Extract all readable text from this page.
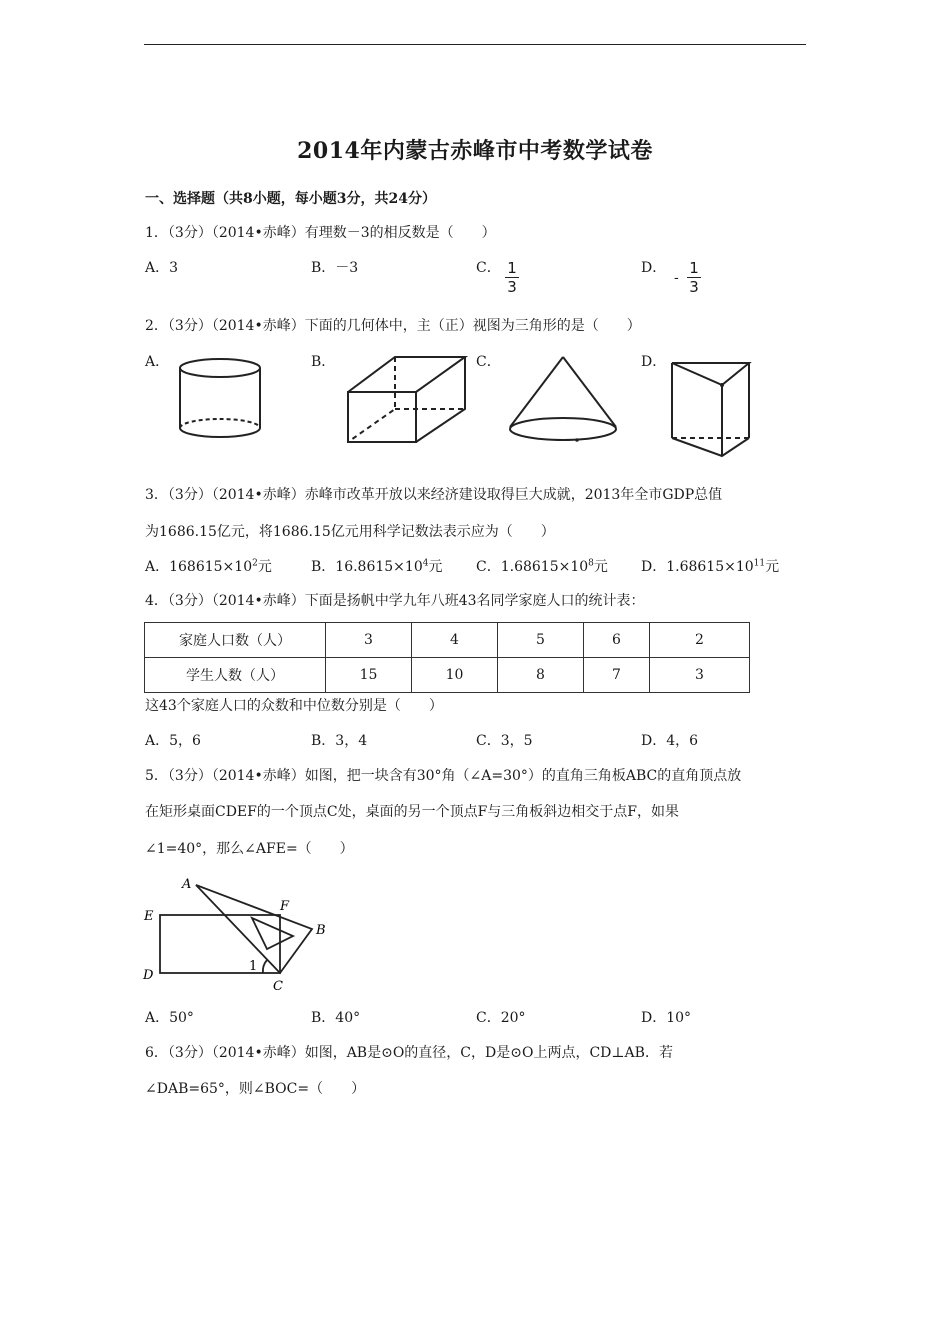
2014年内蒙古赤峰市中考数学试卷
一、选择题（共8小题，每小题3分，共24分）
1．（3分）（2014•赤峰）有理数－3的相反数是（　　）
A．3	B．－3	C． $\frac{1}{3}$	D．
- $\frac{1}{3}$
2．（3分）（2014•赤峰）下面的几何体中，主（正）视图为三角形的是（　　）
A．	B．	C．	D．
3．（3分）（2014•赤峰）赤峰市改革开放以来经济建设取得巨大成就，2013年全市GDP总值
为1686.15亿元，将1686.15亿元用科学记数法表示应为（　　）
A．$168615\times 10^2$元	B．$16.8615\times 10^4$元 C．$1.68615\times 10^8$元 D．$1.68615\times 10^{11}$元
4．（3分）（2014•赤峰）下面是扬帆中学九年八班43名同学家庭人口的统计表：
家庭人口数（人）	3	4	5	6	2
学生人数（人）	15	10	8	7	3
这43个家庭人口的众数和中位数分别是（　　）
A．5，6	B．3，4	C．3，5	D．4，6
5．（3分）（2014•赤峰）如图，把一块含有30°角（∠A=30°）的直角三角板ABC的直角顶点放
在矩形桌面CDEF的一个顶点C处，桌面的另一个顶点F与三角板斜边相交于点F，如果
∠1=40°，那么∠AFE=（　　）
A
B
C
D
E
F
1
A．50°	B．40°	C．20°	D．10°
6．（3分）（2014•赤峰）如图，AB是⊙O的直径，C，D是⊙O上两点，CD⊥AB．若
∠DAB=65°，则∠BOC=（　　）
